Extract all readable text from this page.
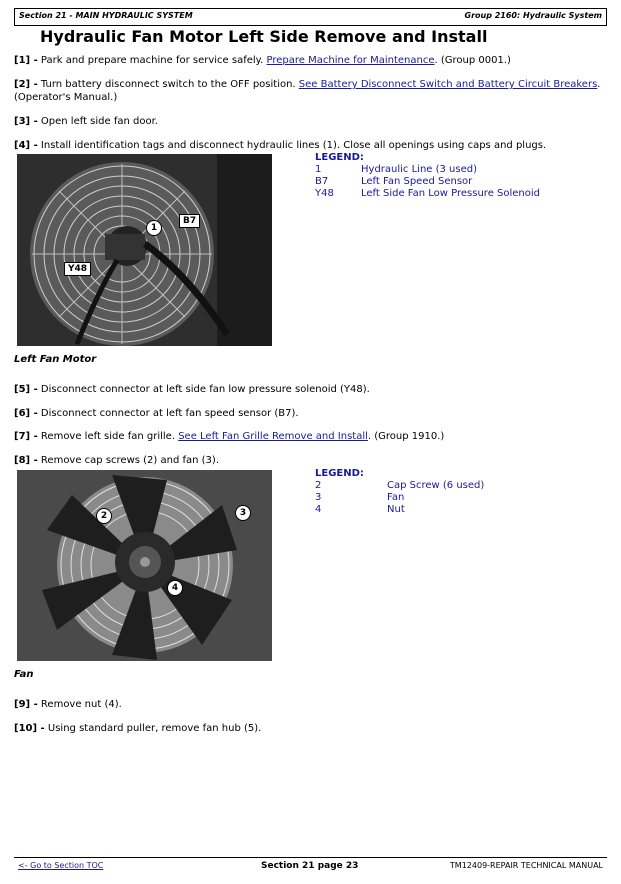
Section 21 - MAIN HYDRAULIC SYSTEM	Group 2160: Hydraulic System
Hydraulic Fan Motor Left Side Remove and Install
[1] - Park and prepare machine for service safely. Prepare Machine for Maintenance. (Group 0001.)
[2] - Turn battery disconnect switch to the OFF position. See Battery Disconnect Switch and Battery Circuit Breakers.
(Operator's Manual.)
[3] - Open left side fan door.
[4] - Install identification tags and disconnect hydraulic lines (1). Close all openings using caps and plugs.
1
B7
Y48
LEGEND:
1	Hydraulic Line (3 used)
B7	Left Fan Speed Sensor
Y48	Left Side Fan Low Pressure Solenoid
Left Fan Motor
[5] - Disconnect connector at left side fan low pressure solenoid (Y48).
[6] - Disconnect connector at left fan speed sensor (B7).
[7] - Remove left side fan grille. See Left Fan Grille Remove and Install. (Group 1910.)
[8] - Remove cap screws (2) and fan (3).
2	3
4
LEGEND:
2	Cap Screw (6 used)
3	Fan
4	Nut
Fan
[9] - Remove nut (4).
[10] - Using standard puller, remove fan hub (5).
<- Go to Section TOC	Section 21 page 23	TM12409-REPAIR TECHNICAL MANUAL
